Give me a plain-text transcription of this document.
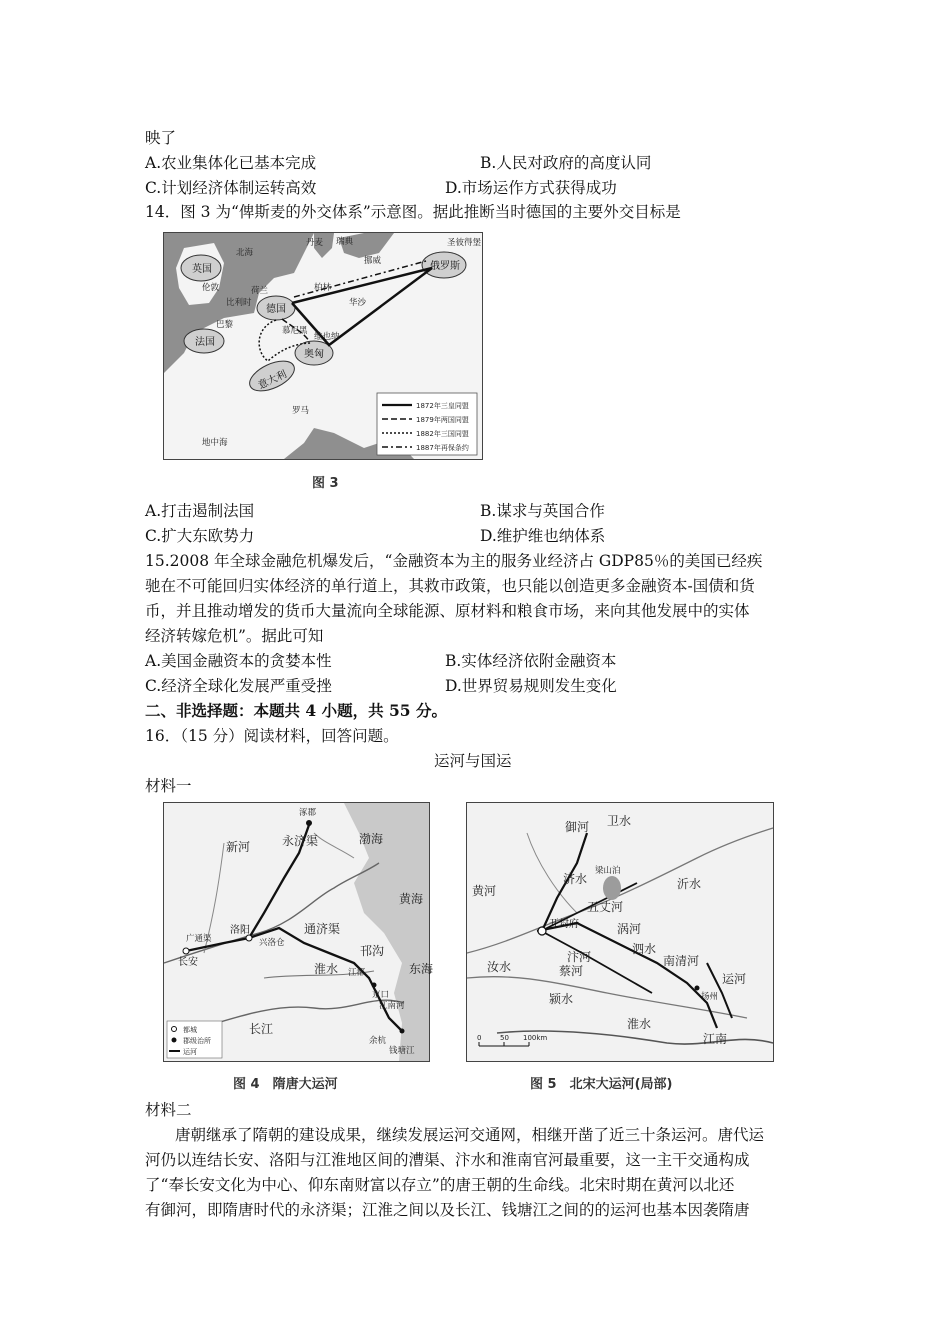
映了
A.农业集体化已基本完成	B.人民对政府的高度认同
C.计划经济体制运转高效	D.市场运作方式获得成功
14．图 3 为“俾斯麦的外交体系”示意图。据此推断当时德国的主要外交目标是
英国
德国
法国
奥匈
意大利
俄罗斯
丹麦 瑞典
挪威
伦敦	柏林
巴黎
维也纳
华沙
罗马
比利时
荷兰
圣彼得堡
北海
地中海
慕尼黑
1872年三皇同盟
1879年两国同盟
1882年三国同盟
1887年再保条约
图 3
A.打击遏制法国	B.谋求与英国合作
C.扩大东欧势力	D.维护维也纳体系
15.2008 年全球金融危机爆发后，“金融资本为主的服务业经济占 GDP85％的美国已经疾
驰在不可能回归实体经济的单行道上，其救市政策，也只能以创造更多金融资本-国债和货
币，并且推动增发的货币大量流向全球能源、原材料和粮食市场，来向其他发展中的实体
经济转嫁危机”。据此可知
A.美国金融资本的贪婪本性	B.实体经济依附金融资本
C.经济全球化发展严重受挫	D.世界贸易规则发生变化
二、非选择题：本题共 4 小题，共 55 分。
16．（15 分）阅读材料，回答问题。
运河与国运
材料一
涿郡
永济渠	渤海
黄海
东海
新河
洛阳
长安
广通渠	兴洛仓
通济渠
邗沟
江南河
余杭
江都
淮水
长江
钱塘江
京口
都城
郡级治所
运河
开封府
御河 卫水
济水
五丈河
黄河
汴河
蔡河
颍水
涡河
沂水
泗水
南清河
淮水
扬州
运河
江南
汝水
梁山泊
0	50 100km
图 4　隋唐大运河	图 5　北宋大运河(局部)
材料二
唐朝继承了隋朝的建设成果，继续发展运河交通网，相继开凿了近三十条运河。唐代运
河仍以连结长安、洛阳与江淮地区间的漕渠、汴水和淮南官河最重要，这一主干交通构成
了“奉长安文化为中心、仰东南财富以存立”的唐王朝的生命线。北宋时期在黄河以北还
有御河，即隋唐时代的永济渠；江淮之间以及长江、钱塘江之间的的运河也基本因袭隋唐
